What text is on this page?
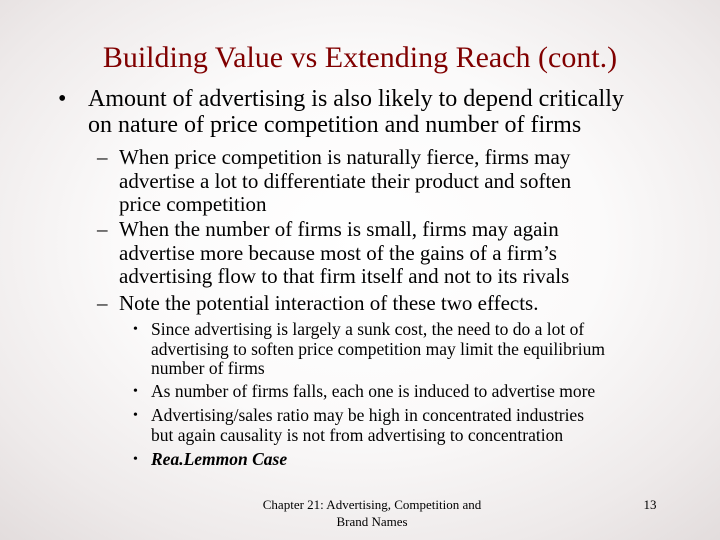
Building Value vs Extending Reach (cont.)
• Amount of advertising is also likely to depend critically
on nature of price competition and number of firms
– When price competition is naturally fierce, firms may
advertise a lot to differentiate their product and soften
price competition
– When the number of firms is small, firms may again
advertise more because most of the gains of a firm’s
advertising flow to that firm itself and not to its rivals
– Note the potential interaction of these two effects.
• Since advertising is largely a sunk cost, the need to do a lot of
advertising to soften price competition may limit the equilibrium
number of firms
• As number of firms falls, each one is induced to advertise more
• Advertising/sales ratio may be high in concentrated industries
but again causality is not from advertising to concentration
• Rea.Lemmon Case
Chapter 21: Advertising, Competition and
Brand Names
13
